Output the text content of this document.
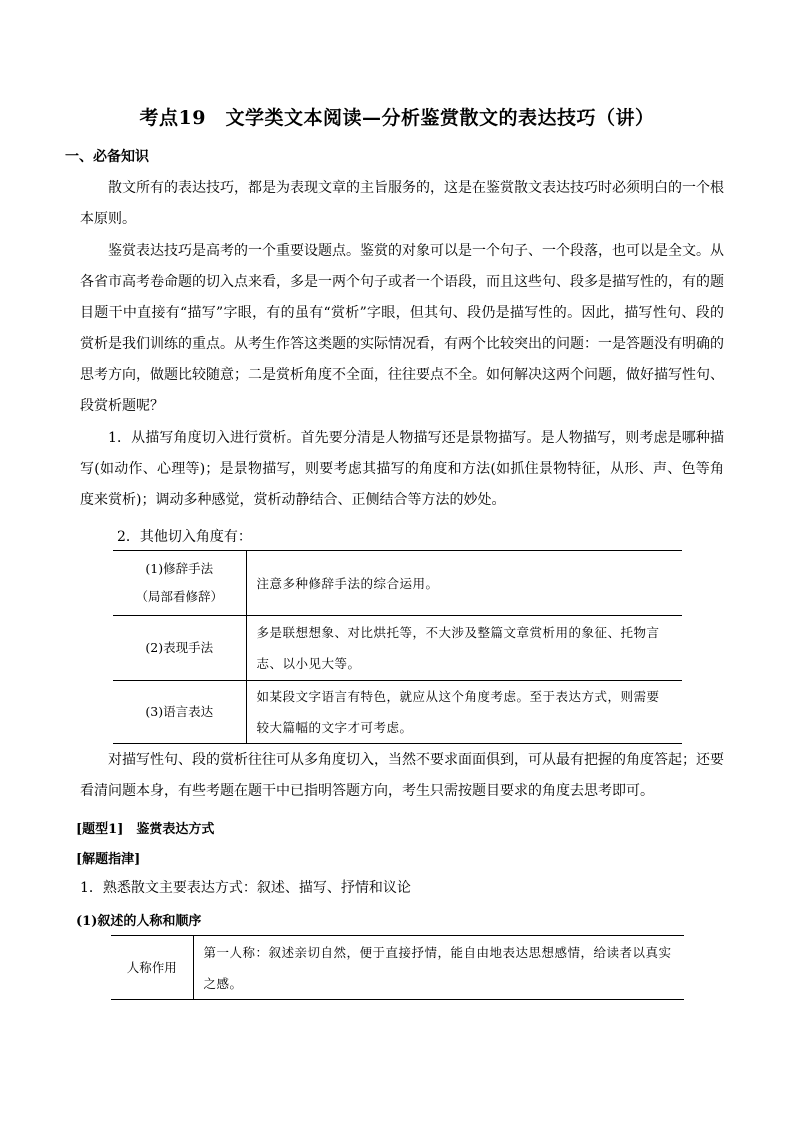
考点19　文学类文本阅读—分析鉴赏散文的表达技巧（讲）
一、必备知识

散文所有的表达技巧，都是为表现文章的主旨服务的，这是在鉴赏散文表达技巧时必须明白的一个根本原则。

鉴赏表达技巧是高考的一个重要设题点。鉴赏的对象可以是一个句子、一个段落，也可以是全文。从各省市高考卷命题的切入点来看，多是一两个句子或者一个语段，而且这些句、段多是描写性的，有的题目题干中直接有“描写”字眼，有的虽有“赏析”字眼，但其句、段仍是描写性的。因此，描写性句、段的赏析是我们训练的重点。从考生作答这类题的实际情况看，有两个比较突出的问题：一是答题没有明确的思考方向，做题比较随意；二是赏析角度不全面，往往要点不全。如何解决这两个问题，做好描写性句、段赏析题呢？

1．从描写角度切入进行赏析。首先要分清是人物描写还是景物描写。是人物描写，则考虑是哪种描写(如动作、心理等)；是景物描写，则要考虑其描写的角度和方法(如抓住景物特征，从形、声、色等角度来赏析)；调动多种感觉，赏析动静结合、正侧结合等方法的妙处。

2．其他切入角度有：
(1)修辞手法
（局部看修辞）	注意多种修辞手法的综合运用。
(2)表现手法	多是联想想象、对比烘托等，不大涉及整篇文章赏析用的象征、托物言志、以小见大等。
(3)语言表达	如某段文字语言有特色，就应从这个角度考虑。至于表达方式，则需要较大篇幅的文字才可考虑。

对描写性句、段的赏析往往可从多角度切入，当然不要求面面俱到，可从最有把握的角度答起；还要看清问题本身，有些考题在题干中已指明答题方向，考生只需按题目要求的角度去思考即可。

[题型1]　鉴赏表达方式
[解题指津]
1．熟悉散文主要表达方式：叙述、描写、抒情和议论
(1)叙述的人称和顺序
人称作用	第一人称：叙述亲切自然，便于直接抒情，能自由地表达思想感情，给读者以真实之感。
